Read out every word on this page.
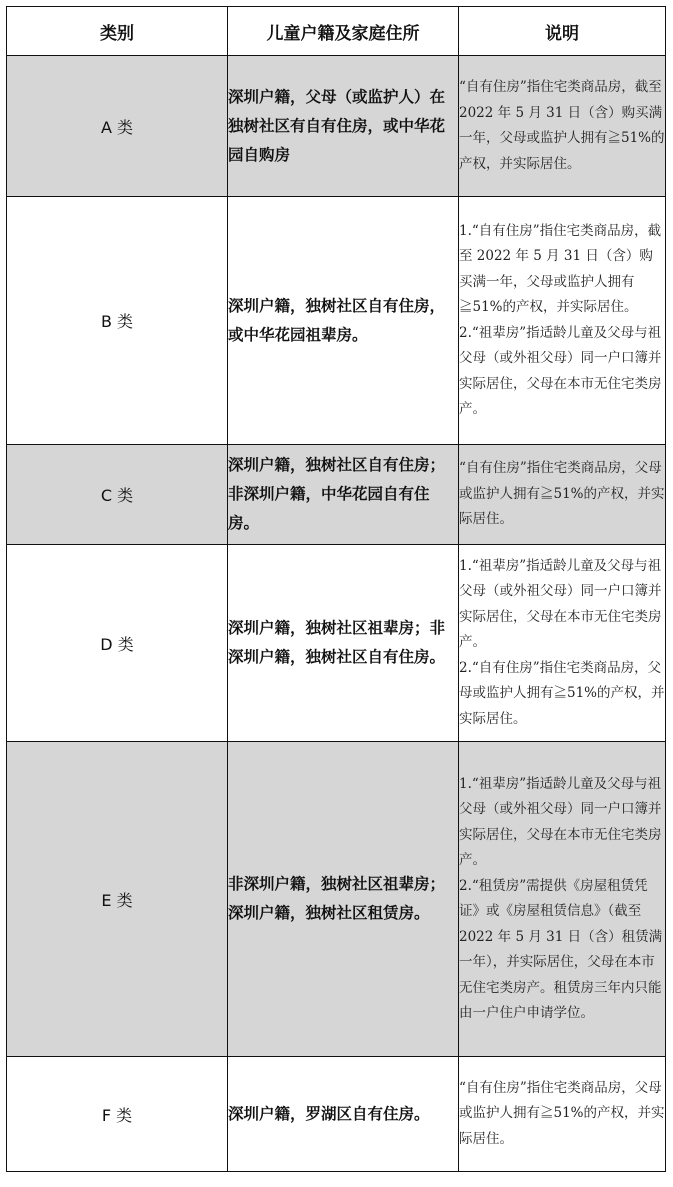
类别	儿童户籍及家庭住所	说明
A 类	深圳户籍，父母（或监护人）在独树社区有自有住房，或中华花园自购房	“自有住房”指住宅类商品房，截至 2022 年 5 月 31 日（含）购买满一年，父母或监护人拥有≧51%的产权，并实际居住。

B 类	深圳户籍，独树社区自有住房，或中华花园祖辈房。	1.“自有住房”指住宅类商品房，截至 2022 年 5 月 31 日（含）购买满一年，父母或监护人拥有≧51%的产权，并实际居住。
2.“祖辈房”指适龄儿童及父母与祖父母（或外祖父母）同一户口簿并实际居住，父母在本市无住宅类房产。

C 类	深圳户籍，独树社区自有住房；非深圳户籍，中华花园自有住房。	“自有住房”指住宅类商品房，父母或监护人拥有≧51%的产权，并实际居住。

D 类	深圳户籍，独树社区祖辈房；非深圳户籍，独树社区自有住房。	1.“祖辈房”指适龄儿童及父母与祖父母（或外祖父母）同一户口簿并实际居住，父母在本市无住宅类房产。
2.“自有住房”指住宅类商品房，父母或监护人拥有≧51%的产权，并实际居住。

E 类	非深圳户籍，独树社区祖辈房；深圳户籍，独树社区租赁房。	1.“祖辈房”指适龄儿童及父母与祖父母（或外祖父母）同一户口簿并实际居住，父母在本市无住宅类房产。
2.“租赁房”需提供《房屋租赁凭证》或《房屋租赁信息》（截至 2022 年 5 月 31 日（含）租赁满一年），并实际居住，父母在本市无住宅类房产。租赁房三年内只能由一户住户申请学位。

F 类	深圳户籍，罗湖区自有住房。	“自有住房”指住宅类商品房，父母或监护人拥有≧51%的产权，并实际居住。
